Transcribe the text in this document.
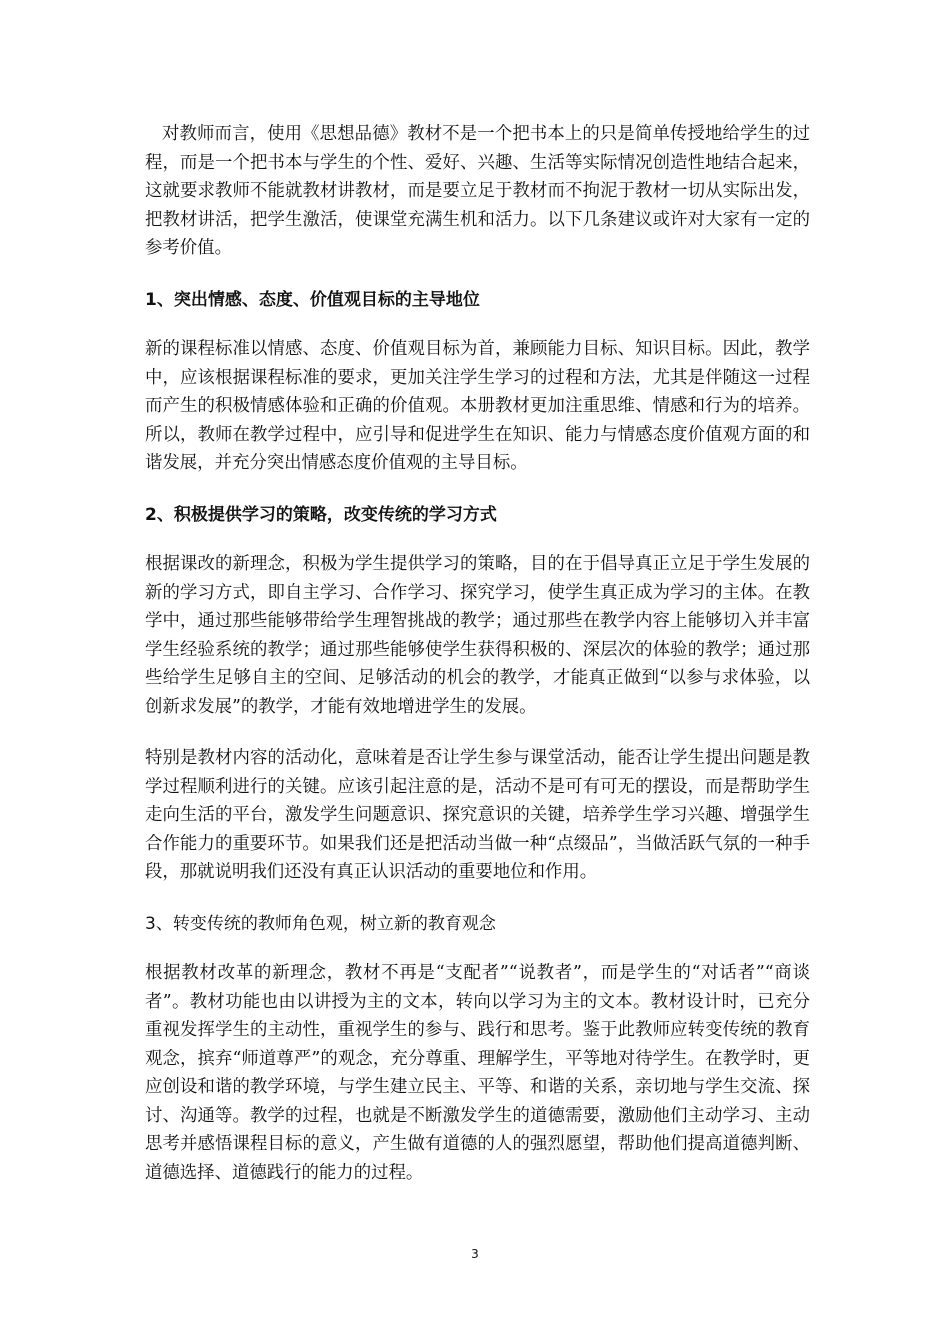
对教师而言，使用《思想品德》教材不是一个把书本上的只是简单传授地给学生的过程，而是一个把书本与学生的个性、爱好、兴趣、生活等实际情况创造性地结合起来，这就要求教师不能就教材讲教材，而是要立足于教材而不拘泥于教材一切从实际出发，把教材讲活，把学生激活，使课堂充满生机和活力。以下几条建议或许对大家有一定的参考价值。

1、突出情感、态度、价值观目标的主导地位

新的课程标准以情感、态度、价值观目标为首，兼顾能力目标、知识目标。因此，教学中，应该根据课程标准的要求，更加关注学生学习的过程和方法，尤其是伴随这一过程而产生的积极情感体验和正确的价值观。本册教材更加注重思维、情感和行为的培养。所以，教师在教学过程中，应引导和促进学生在知识、能力与情感态度价值观方面的和谐发展，并充分突出情感态度价值观的主导目标。

2、积极提供学习的策略，改变传统的学习方式

根据课改的新理念，积极为学生提供学习的策略，目的在于倡导真正立足于学生发展的新的学习方式，即自主学习、合作学习、探究学习，使学生真正成为学习的主体。在教学中，通过那些能够带给学生理智挑战的教学；通过那些在教学内容上能够切入并丰富学生经验系统的教学；通过那些能够使学生获得积极的、深层次的体验的教学；通过那些给学生足够自主的空间、足够活动的机会的教学，才能真正做到“以参与求体验，以创新求发展”的教学，才能有效地增进学生的发展。

特别是教材内容的活动化，意味着是否让学生参与课堂活动，能否让学生提出问题是教学过程顺利进行的关键。应该引起注意的是，活动不是可有可无的摆设，而是帮助学生走向生活的平台，激发学生问题意识、探究意识的关键，培养学生学习兴趣、增强学生合作能力的重要环节。如果我们还是把活动当做一种“点缀品”，当做活跃气氛的一种手段，那就说明我们还没有真正认识活动的重要地位和作用。

3、转变传统的教师角色观，树立新的教育观念

根据教材改革的新理念，教材不再是“支配者”“说教者”，而是学生的“对话者”“商谈者”。教材功能也由以讲授为主的文本，转向以学习为主的文本。教材设计时，已充分重视发挥学生的主动性，重视学生的参与、践行和思考。鉴于此教师应转变传统的教育观念，摈弃“师道尊严”的观念，充分尊重、理解学生，平等地对待学生。在教学时，更应创设和谐的教学环境，与学生建立民主、平等、和谐的关系，亲切地与学生交流、探讨、沟通等。教学的过程，也就是不断激发学生的道德需要，激励他们主动学习、主动思考并感悟课程目标的意义，产生做有道德的人的强烈愿望，帮助他们提高道德判断、道德选择、道德践行的能力的过程。

3
